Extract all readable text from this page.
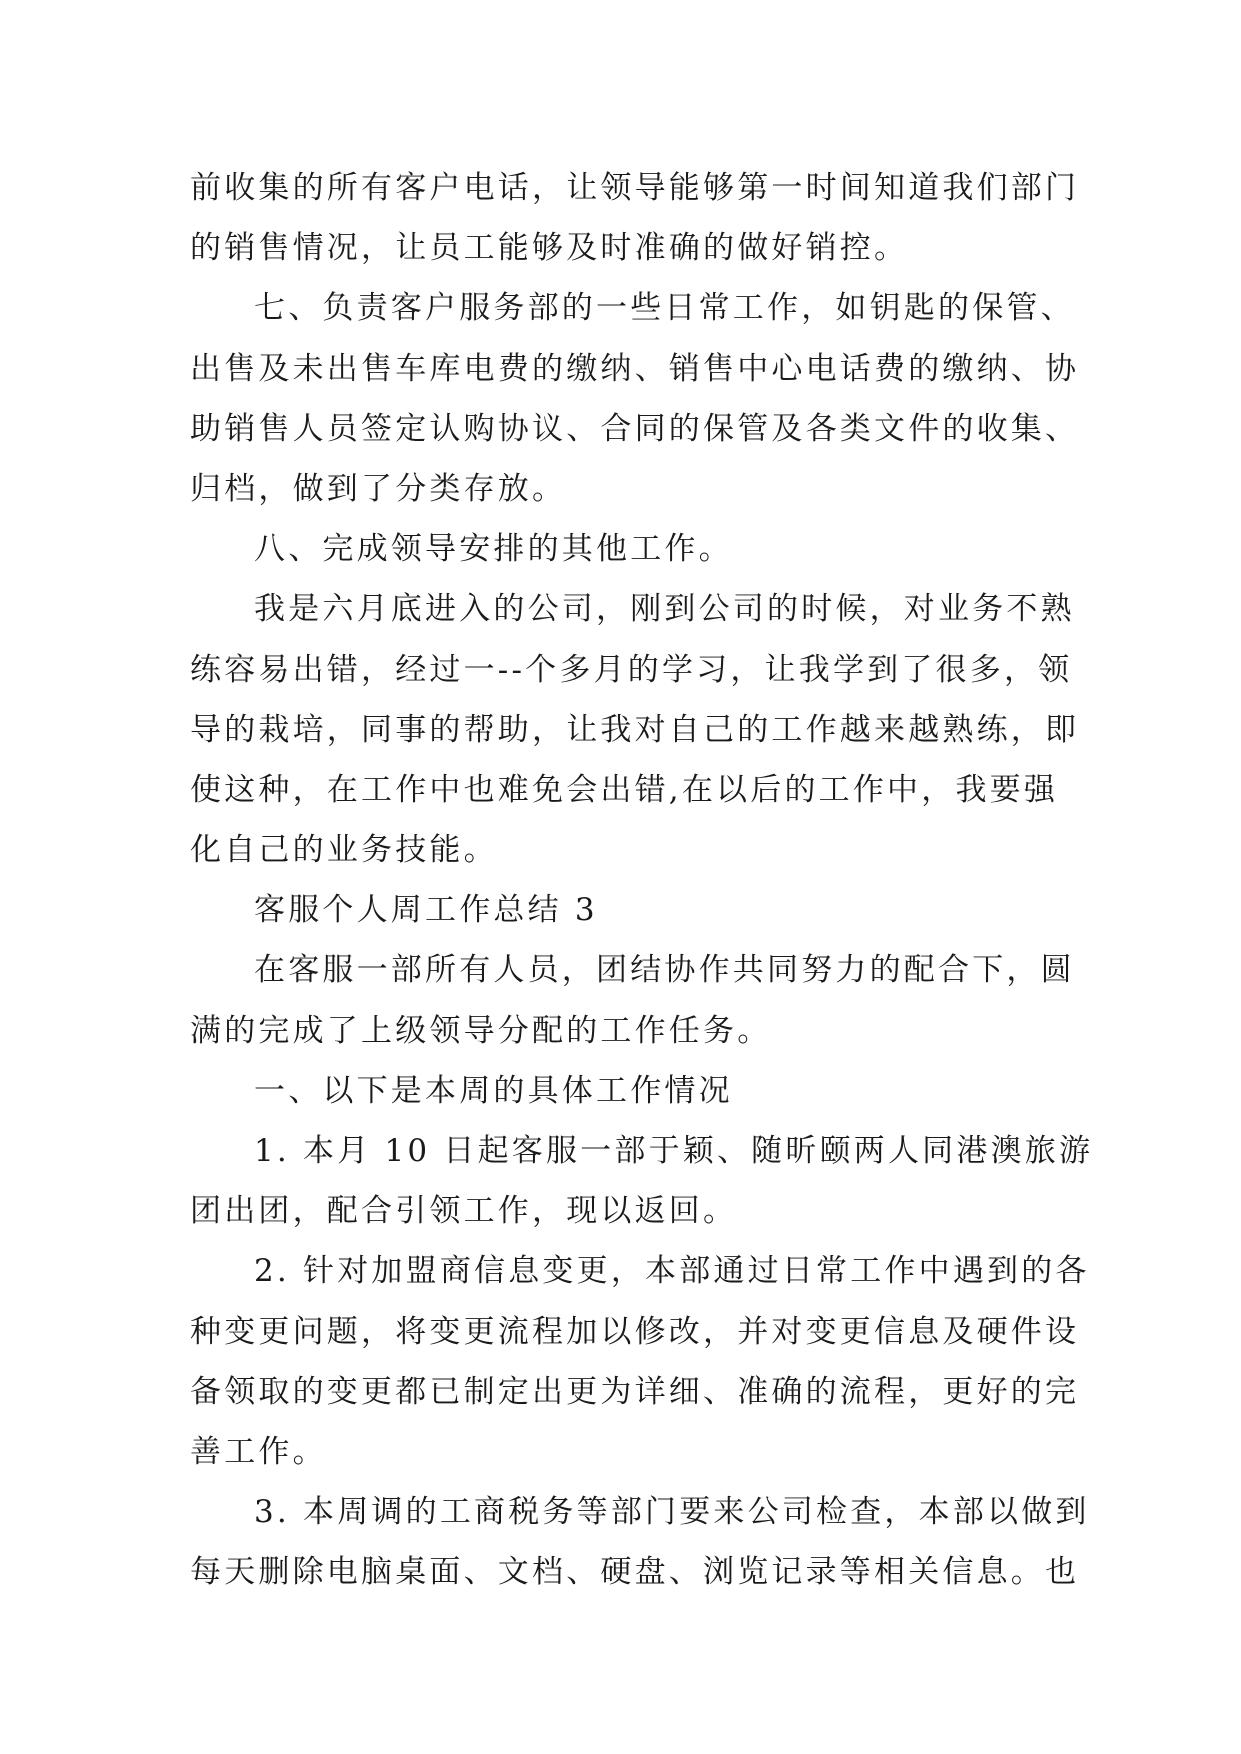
前收集的所有客户电话，让领导能够第一时间知道我们部门
的销售情况，让员工能够及时准确的做好销控。
七、负责客户服务部的一些日常工作，如钥匙的保管、
出售及未出售车库电费的缴纳、销售中心电话费的缴纳、协
助销售人员签定认购协议、合同的保管及各类文件的收集、
归档，做到了分类存放。
八、完成领导安排的其他工作。
我是六月底进入的公司，刚到公司的时候，对业务不熟
练容易出错，经过一--个多月的学习，让我学到了很多，领
导的栽培，同事的帮助，让我对自己的工作越来越熟练，即
使这种，在工作中也难免会出错,在以后的工作中，我要强
化自己的业务技能。
客服个人周工作总结 3
在客服一部所有人员，团结协作共同努力的配合下，圆
满的完成了上级领导分配的工作任务。
一、以下是本周的具体工作情况
1. 本月 10 日起客服一部于颖、随昕颐两人同港澳旅游
团出团，配合引领工作，现以返回。
2. 针对加盟商信息变更，本部通过日常工作中遇到的各
种变更问题，将变更流程加以修改，并对变更信息及硬件设
备领取的变更都已制定出更为详细、准确的流程，更好的完
善工作。
3. 本周调的工商税务等部门要来公司检查，本部以做到
每天删除电脑桌面、文档、硬盘、浏览记录等相关信息。也
